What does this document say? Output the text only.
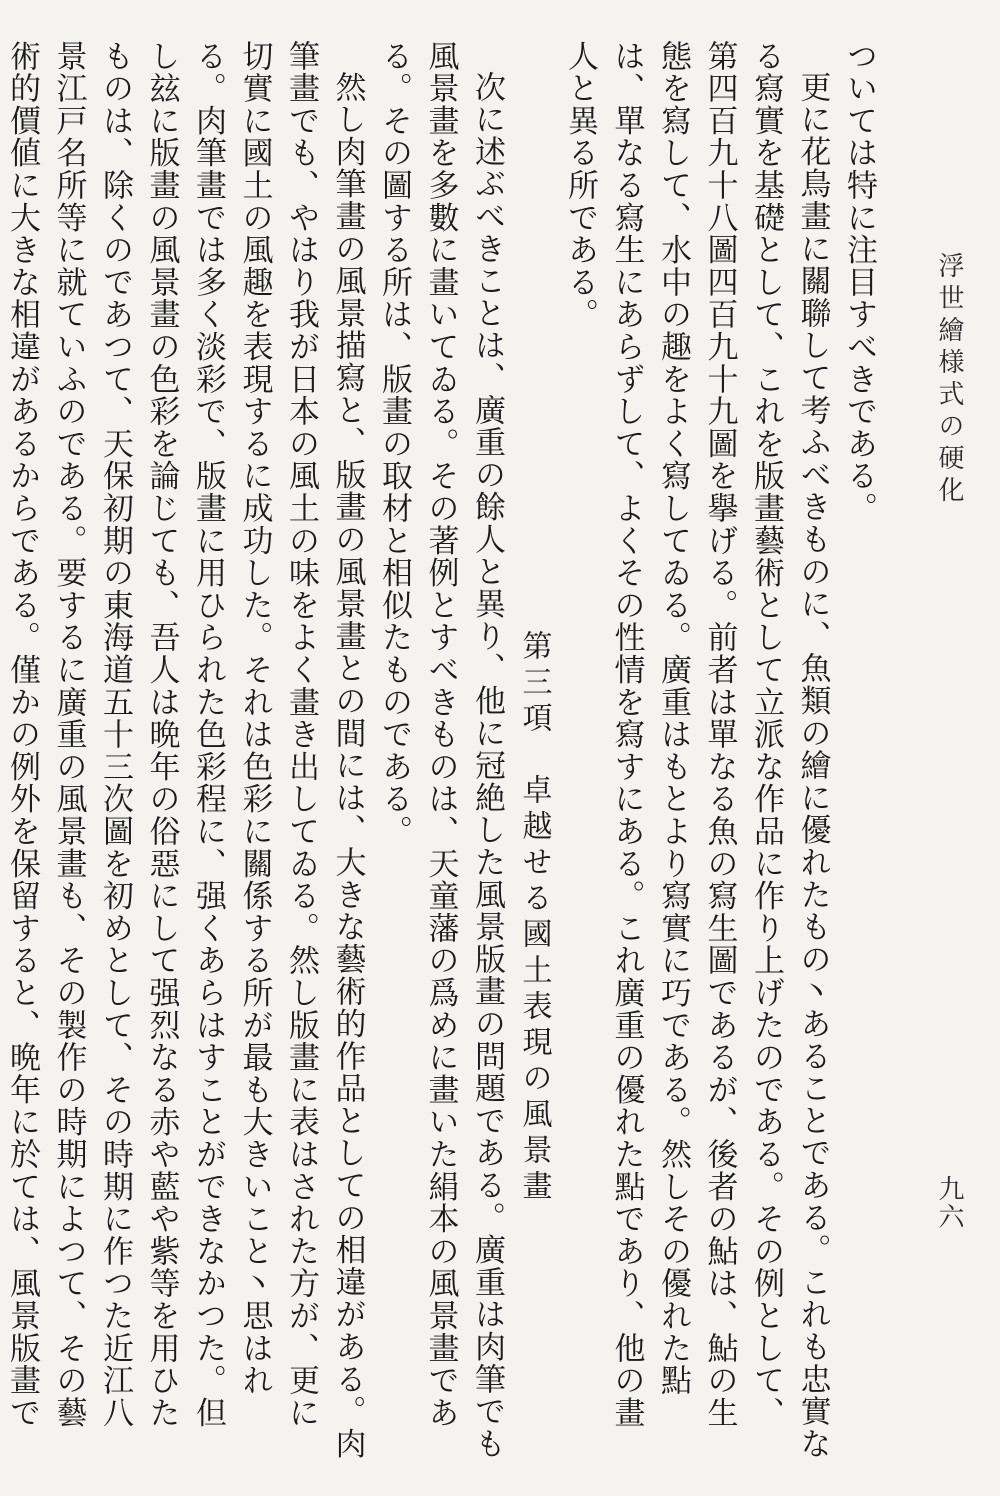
浮世繪様式の硬化
九六

ついては特に注目すべきである。

更に花鳥畫に關聯して考ふべきものに、魚類の繪に優れたもの丶あることである。これも忠實なる寫實を基礎として、これを版畫藝術として立派な作品に作り上げたのである。その例として、第四百九十八圖四百九十九圖を擧げる。前者は單なる魚の寫生圖であるが、後者の鮎は、鮎の生態を寫して、水中の趣をよく寫してゐる。廣重はもとより寫實に巧である。然しその優れた點は、單なる寫生にあらずして、よくその性情を寫すにある。これ廣重の優れた點であり、他の畫人と異る所である。

第三項　卓越せる國土表現の風景畫

次に述ぶべきことは、廣重の餘人と異り、他に冠絶した風景版畫の問題である。廣重は肉筆でも風景畫を多數に畫いてゐる。その著例とすべきものは、天童藩の爲めに畫いた絹本の風景畫である。その圖する所は、版畫の取材と相似たものである。

然し肉筆畫の風景描寫と、版畫の風景畫との間には、大きな藝術的作品としての相違がある。肉筆畫でも、やはり我が日本の風土の味をよく畫き出してゐる。然し版畫に表はされた方が、更に切實に國土の風趣を表現するに成功した。それは色彩に關係する所が最も大きいこと丶思はれる。肉筆畫では多く淡彩で、版畫に用ひられた色彩程に、强くあらはすことができなかつた。但し玆に版畫の風景畫の色彩を論じても、吾人は晩年の俗惡にして强烈なる赤や藍や紫等を用ひたものは、除くのであつて、天保初期の東海道五十三次圖を初めとして、その時期に作つた近江八景江戸名所等に就ていふのである。要するに廣重の風景畫も、その製作の時期によつて、その藝術的價値に大きな相違があるからである。僅かの例外を保留すると、晩年に於ては、風景版畫で
